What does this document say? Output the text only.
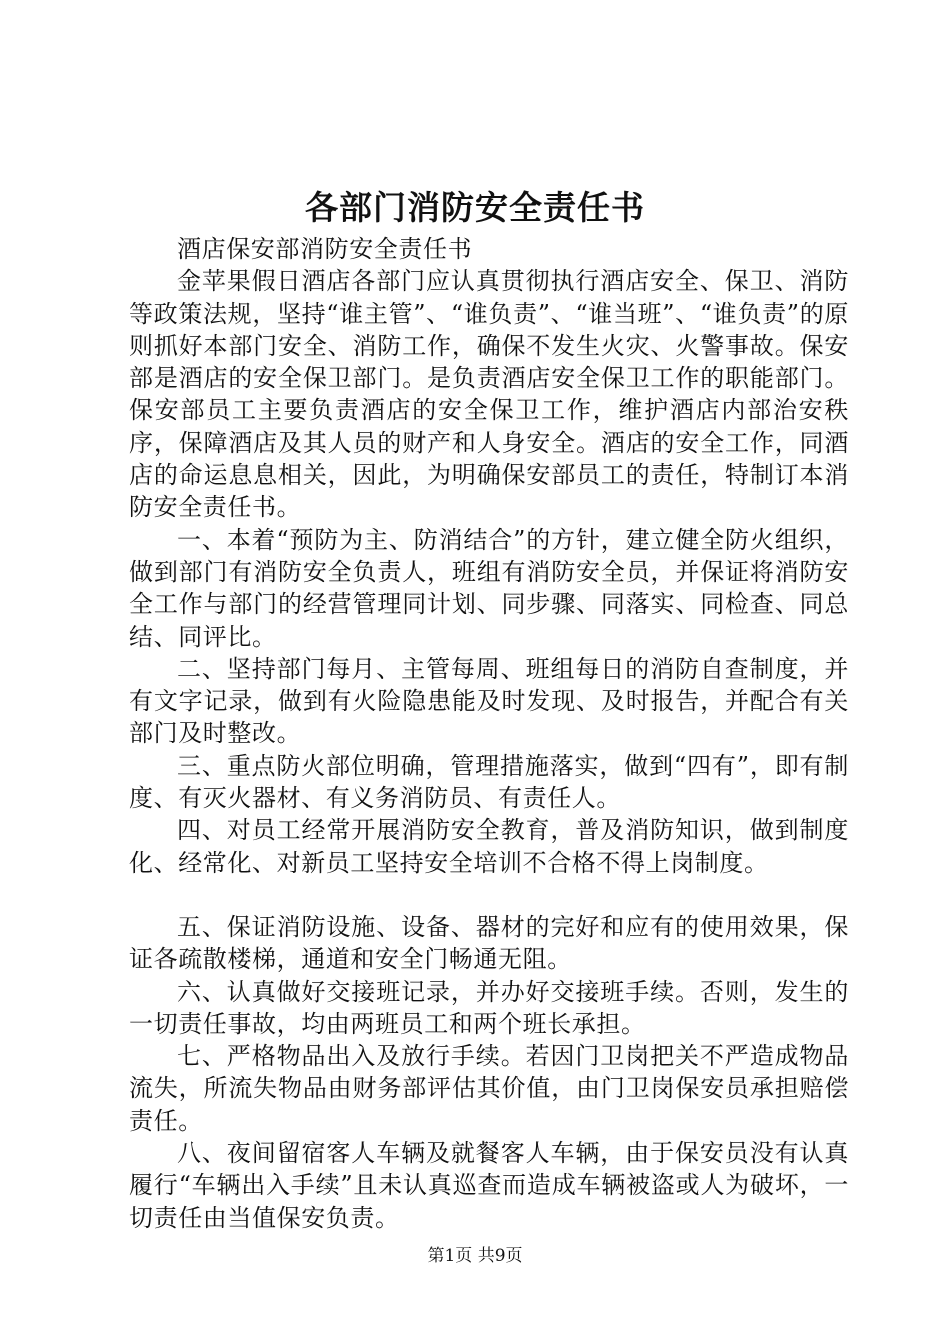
各部门消防安全责任书

酒店保安部消防安全责任书

金苹果假日酒店各部门应认真贯彻执行酒店安全、保卫、消防等政策法规，坚持“谁主管”、“谁负责”、“谁当班”、“谁负责”的原则抓好本部门安全、消防工作，确保不发生火灾、火警事故。保安部是酒店的安全保卫部门。是负责酒店安全保卫工作的职能部门。保安部员工主要负责酒店的安全保卫工作，维护酒店内部治安秩序，保障酒店及其人员的财产和人身安全。酒店的安全工作，同酒店的命运息息相关，因此，为明确保安部员工的责任，特制订本消防安全责任书。

一、本着“预防为主、防消结合”的方针，建立健全防火组织，做到部门有消防安全负责人，班组有消防安全员，并保证将消防安全工作与部门的经营管理同计划、同步骤、同落实、同检查、同总结、同评比。

二、坚持部门每月、主管每周、班组每日的消防自查制度，并有文字记录，做到有火险隐患能及时发现、及时报告，并配合有关部门及时整改。

三、重点防火部位明确，管理措施落实，做到“四有”，即有制度、有灭火器材、有义务消防员、有责任人。

四、对员工经常开展消防安全教育，普及消防知识，做到制度化、经常化、对新员工坚持安全培训不合格不得上岗制度。

五、保证消防设施、设备、器材的完好和应有的使用效果，保证各疏散楼梯，通道和安全门畅通无阻。

六、认真做好交接班记录，并办好交接班手续。否则，发生的一切责任事故，均由两班员工和两个班长承担。

七、严格物品出入及放行手续。若因门卫岗把关不严造成物品流失，所流失物品由财务部评估其价值，由门卫岗保安员承担赔偿责任。

八、夜间留宿客人车辆及就餐客人车辆，由于保安员没有认真履行“车辆出入手续”且未认真巡查而造成车辆被盗或人为破坏，一切责任由当值保安负责。

第1页 共9页
